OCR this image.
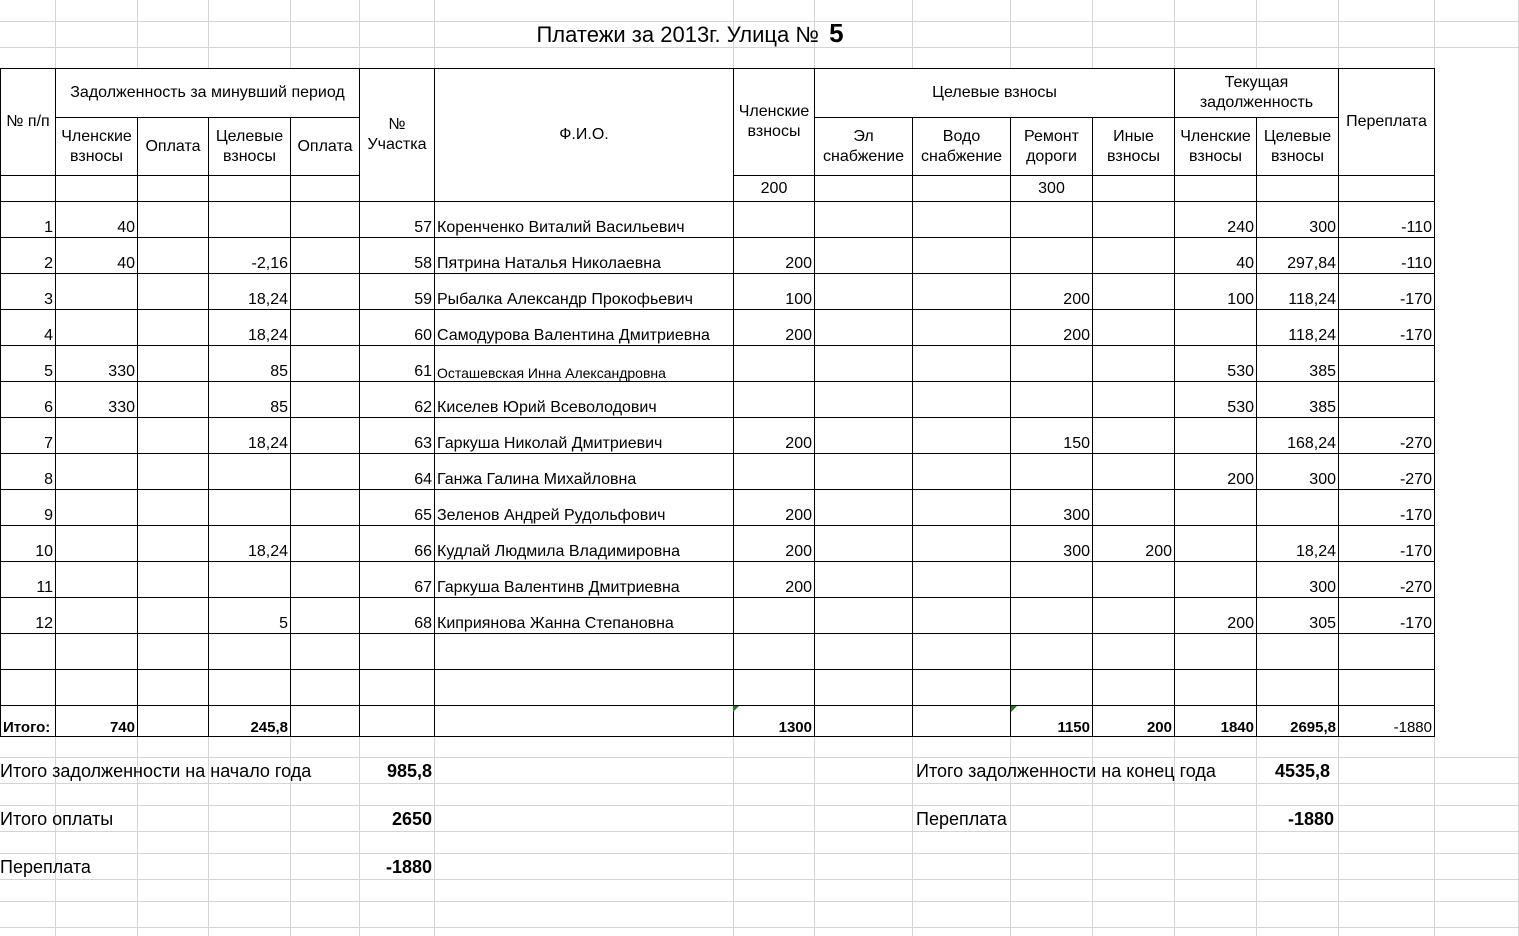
Платежи за 2013г. Улица № 5
№ п/п	Задолженность за минувший период				№ Участка	Ф.И.О.	Членские взносы	Целевые взносы				Текущая задолженность		Переплата
	Членские взносы	Оплата	Целевые взносы	Оплата				Эл снабжение	Водо снабжение	Ремонт дороги	Иные взносы	Членские взносы	Целевые взносы	
							200			300				
1	40				57	Коренченко Виталий Васильевич						240	300	-110
2	40		-2,16		58	Пятрина Наталья Николаевна	200					40	297,84	-110
3			18,24		59	Рыбалка Александр Прокофьевич	100			200		100	118,24	-170
4			18,24		60	Самодурова Валентина Дмитриевна	200			200			118,24	-170
5	330		85		61	Осташевская Инна Александровна						530	385	
6	330		85		62	Киселев Юрий Всеволодович						530	385	
7			18,24		63	Гаркуша Николай Дмитриевич	200			150			168,24	-270
8					64	Ганжа Галина Михайловна						200	300	-270
9					65	Зеленов Андрей Рудольфович	200			300				-170
10			18,24		66	Кудлай Людмила Владимировна	200			300	200		18,24	-170
11					67	Гаркуша Валентинв Дмитриевна	200						300	-270
12			5		68	Киприянова Жанна Степановна						200	305	-170

Итого:	740		245,8				1300			1150	200	1840	2695,8	-1880
Итого задолженности на начало года	985,8
Итого оплаты	2650
Переплата	-1880
Итого задолженности на конец года	4535,8
Переплата	-1880
